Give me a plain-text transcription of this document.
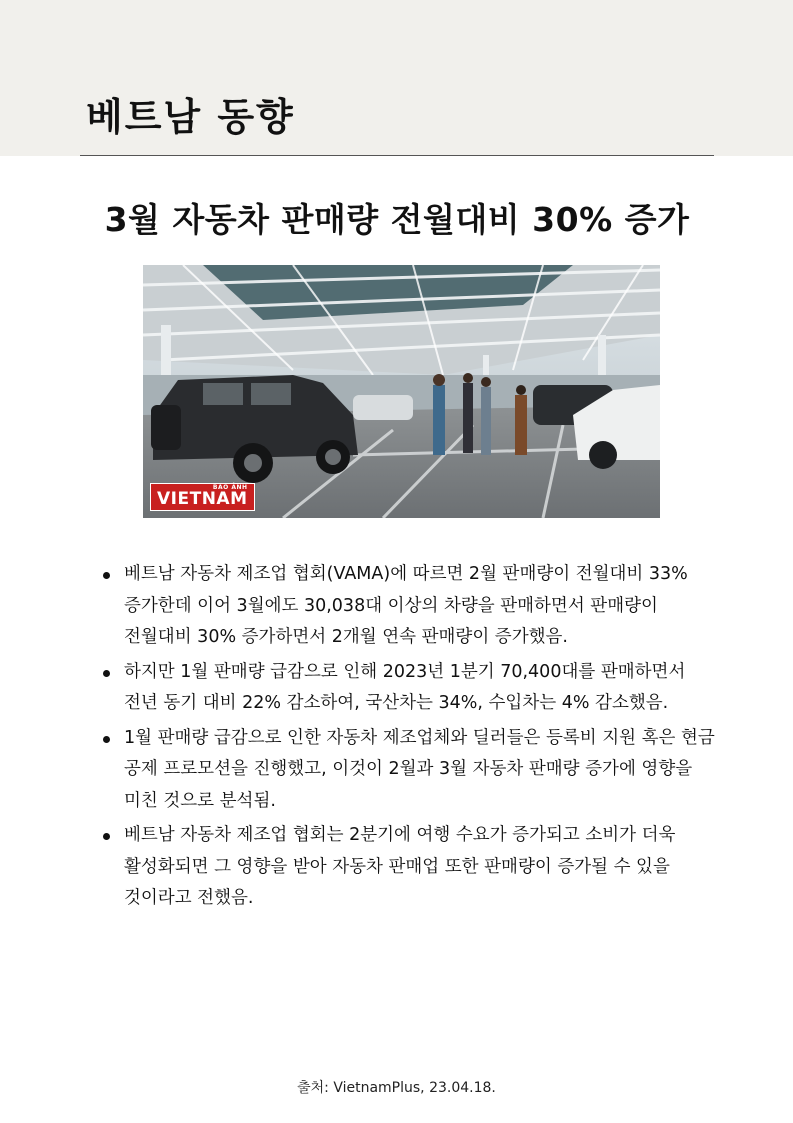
베트남 동향
3월 자동차 판매량 전월대비 30% 증가
BÁO ẢNH
VIETNAM
베트남 자동차 제조업 협회(VAMA)에 따르면 2월 판매량이 전월대비 33% 증가한데 이어 3월에도 30,038대 이상의 차량을 판매하면서 판매량이 전월대비 30% 증가하면서 2개월 연속 판매량이 증가했음.
하지만 1월 판매량 급감으로 인해 2023년 1분기 70,400대를 판매하면서 전년 동기 대비 22% 감소하여, 국산차는 34%, 수입차는 4% 감소했음.
1월 판매량 급감으로 인한 자동차 제조업체와 딜러들은 등록비 지원 혹은 현금 공제 프로모션을 진행했고, 이것이 2월과 3월 자동차 판매량 증가에 영향을 미친 것으로 분석됨.
베트남 자동차 제조업 협회는 2분기에 여행 수요가 증가되고 소비가 더욱 활성화되면 그 영향을 받아 자동차 판매업 또한 판매량이 증가될 수 있을 것이라고 전했음.
출처: VietnamPlus, 23.04.18.
